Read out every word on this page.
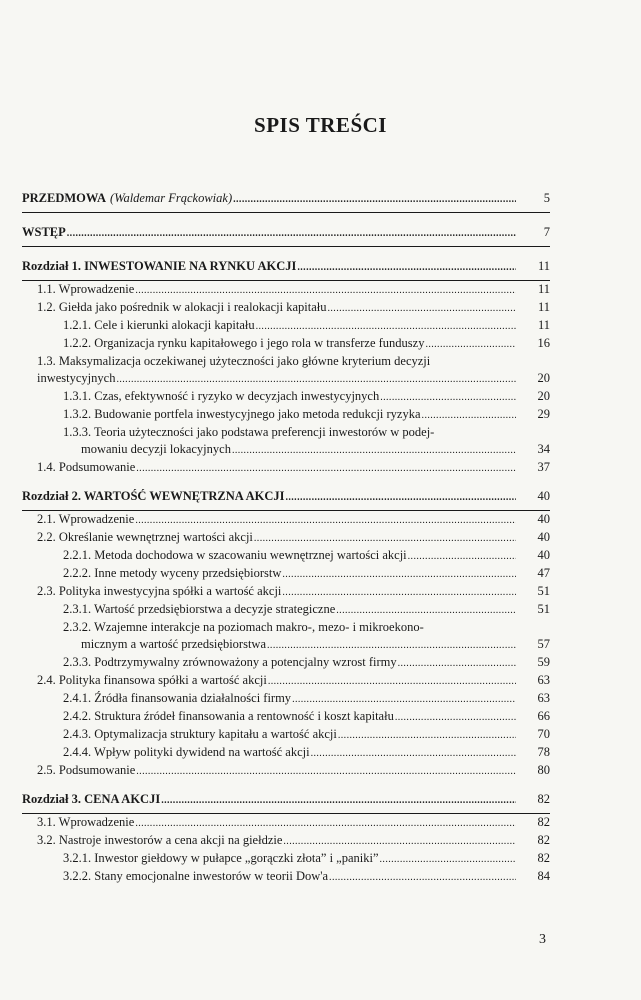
SPIS TREŚCI
PRZEDMOWA (Waldemar Frąckowiak) .....	5
WSTĘP .....	7
Rozdział 1. INWESTOWANIE NA RYNKU AKCJI .....	11
1.1. Wprowadzenie .....	11
1.2. Giełda jako pośrednik w alokacji i realokacji kapitału .....	11
1.2.1. Cele i kierunki alokacji kapitału .....	11
1.2.2. Organizacja rynku kapitałowego i jego rola w transferze funduszy .....	16
1.3. Maksymalizacja oczekiwanej użyteczności jako główne kryterium decyzji
inwestycyjnych .....	20
1.3.1. Czas, efektywność i ryzyko w decyzjach inwestycyjnych .....	20
1.3.2. Budowanie portfela inwestycyjnego jako metoda redukcji ryzyka .....	29
1.3.3. Teoria użyteczności jako podstawa preferencji inwestorów w podej-
mowaniu decyzji lokacyjnych .....	34
1.4. Podsumowanie .....	37
Rozdział 2. WARTOŚĆ WEWNĘTRZNA AKCJI .....	40
2.1. Wprowadzenie .....	40
2.2. Określanie wewnętrznej wartości akcji .....	40
2.2.1. Metoda dochodowa w szacowaniu wewnętrznej wartości akcji .....	40
2.2.2. Inne metody wyceny przedsiębiorstw .....	47
2.3. Polityka inwestycyjna spółki a wartość akcji .....	51
2.3.1. Wartość przedsiębiorstwa a decyzje strategiczne .....	51
2.3.2. Wzajemne interakcje na poziomach makro-, mezo- i mikroekono-
micznym a wartość przedsiębiorstwa .....	57
2.3.3. Podtrzymywalny zrównoważony a potencjalny wzrost firmy .....	59
2.4. Polityka finansowa spółki a wartość akcji .....	63
2.4.1. Źródła finansowania działalności firmy .....	63
2.4.2. Struktura źródeł finansowania a rentowność i koszt kapitału .....	66
2.4.3. Optymalizacja struktury kapitału a wartość akcji .....	70
2.4.4. Wpływ polityki dywidend na wartość akcji .....	78
2.5. Podsumowanie .....	80
Rozdział 3. CENA AKCJI .....	82
3.1. Wprowadzenie .....	82
3.2. Nastroje inwestorów a cena akcji na giełdzie .....	82
3.2.1. Inwestor giełdowy w pułapce „gorączki złota” i „paniki” .....	82
3.2.2. Stany emocjonalne inwestorów w teorii Dow'a .....	84
3
